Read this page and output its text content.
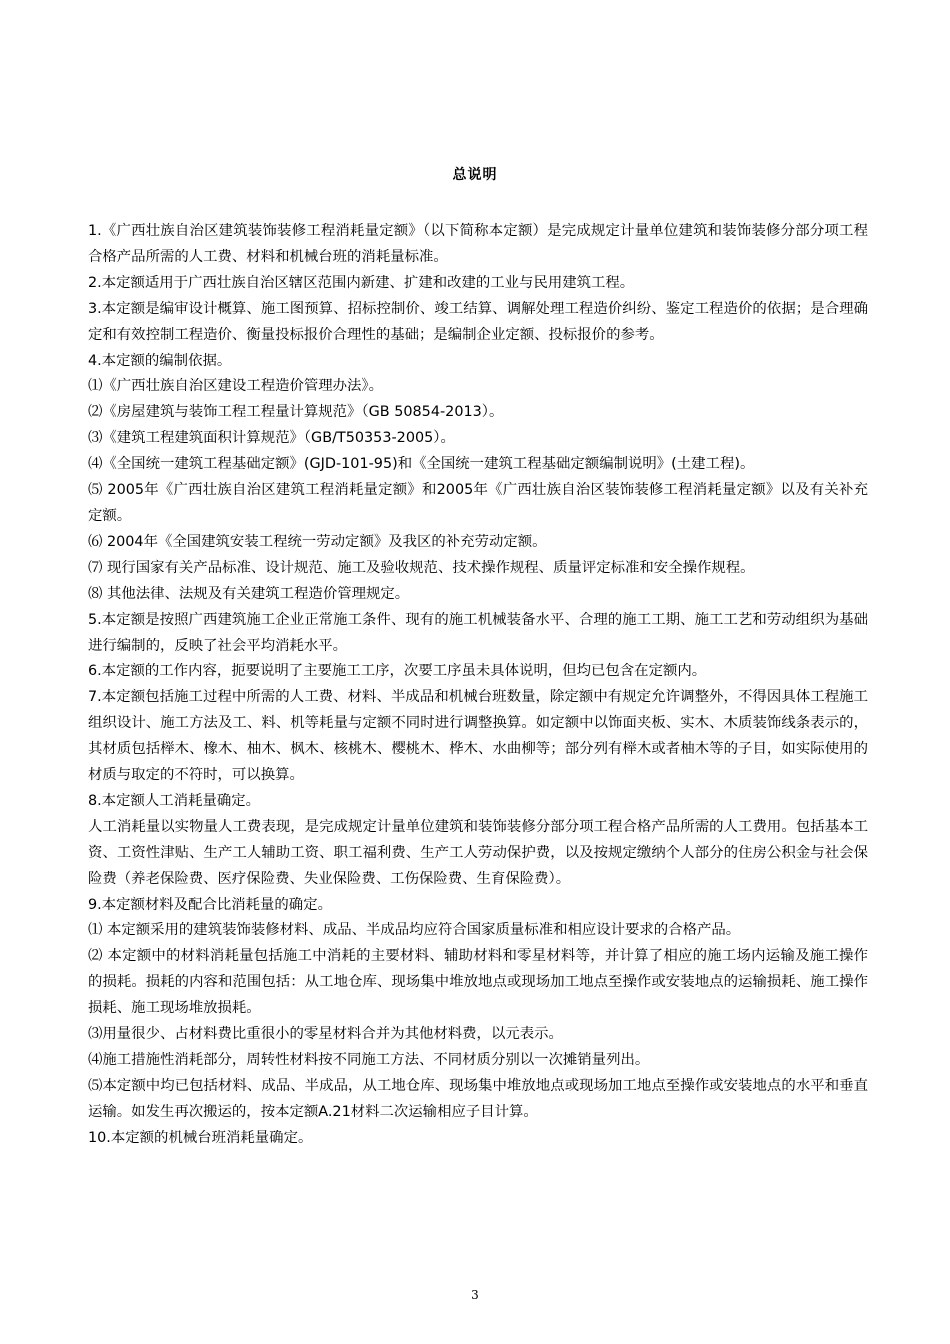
总说明

1.《广西壮族自治区建筑装饰装修工程消耗量定额》（以下简称本定额）是完成规定计量单位建筑和装饰装修分部分项工程合格产品所需的人工费、材料和机械台班的消耗量标准。

2.本定额适用于广西壮族自治区辖区范围内新建、扩建和改建的工业与民用建筑工程。

3.本定额是编审设计概算、施工图预算、招标控制价、竣工结算、调解处理工程造价纠纷、鉴定工程造价的依据；是合理确定和有效控制工程造价、衡量投标报价合理性的基础；是编制企业定额、投标报价的参考。

4.本定额的编制依据。

⑴《广西壮族自治区建设工程造价管理办法》。

⑵《房屋建筑与装饰工程工程量计算规范》（GB 50854-2013）。

⑶《建筑工程建筑面积计算规范》（GB/T50353-2005）。

⑷《全国统一建筑工程基础定额》(GJD-101-95)和《全国统一建筑工程基础定额编制说明》(土建工程)。

⑸ 2005年《广西壮族自治区建筑工程消耗量定额》和2005年《广西壮族自治区装饰装修工程消耗量定额》以及有关补充定额。

⑹ 2004年《全国建筑安装工程统一劳动定额》及我区的补充劳动定额。

⑺ 现行国家有关产品标准、设计规范、施工及验收规范、技术操作规程、质量评定标准和安全操作规程。

⑻ 其他法律、法规及有关建筑工程造价管理规定。

5.本定额是按照广西建筑施工企业正常施工条件、现有的施工机械装备水平、合理的施工工期、施工工艺和劳动组织为基础进行编制的，反映了社会平均消耗水平。

6.本定额的工作内容，扼要说明了主要施工工序，次要工序虽未具体说明，但均已包含在定额内。

7.本定额包括施工过程中所需的人工费、材料、半成品和机械台班数量，除定额中有规定允许调整外，不得因具体工程施工组织设计、施工方法及工、料、机等耗量与定额不同时进行调整换算。如定额中以饰面夹板、实木、木质装饰线条表示的，其材质包括榉木、橡木、柚木、枫木、核桃木、樱桃木、桦木、水曲柳等；部分列有榉木或者柚木等的子目，如实际使用的材质与取定的不符时，可以换算。

8.本定额人工消耗量确定。

人工消耗量以实物量人工费表现，是完成规定计量单位建筑和装饰装修分部分项工程合格产品所需的人工费用。包括基本工资、工资性津贴、生产工人辅助工资、职工福利费、生产工人劳动保护费，以及按规定缴纳个人部分的住房公积金与社会保险费（养老保险费、医疗保险费、失业保险费、工伤保险费、生育保险费）。

9.本定额材料及配合比消耗量的确定。

⑴ 本定额采用的建筑装饰装修材料、成品、半成品均应符合国家质量标准和相应设计要求的合格产品。

⑵ 本定额中的材料消耗量包括施工中消耗的主要材料、辅助材料和零星材料等，并计算了相应的施工场内运输及施工操作的损耗。损耗的内容和范围包括：从工地仓库、现场集中堆放地点或现场加工地点至操作或安装地点的运输损耗、施工操作损耗、施工现场堆放损耗。

⑶用量很少、占材料费比重很小的零星材料合并为其他材料费，以元表示。

⑷施工措施性消耗部分，周转性材料按不同施工方法、不同材质分别以一次摊销量列出。

⑸本定额中均已包括材料、成品、半成品，从工地仓库、现场集中堆放地点或现场加工地点至操作或安装地点的水平和垂直运输。如发生再次搬运的，按本定额A.21材料二次运输相应子目计算。

10.本定额的机械台班消耗量确定。

3
